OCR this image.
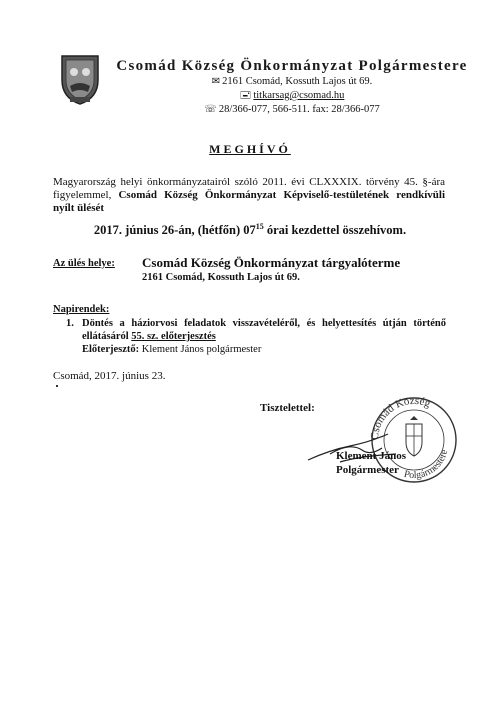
Csomád Község Önkormányzat Polgármestere
✉ 2161 Csomád, Kossuth Lajos út 69.
🖃 titkarsag@csomad.hu
☏ 28/366-077, 566-511. fax: 28/366-077
MEGHÍVÓ
Magyarország helyi önkormányzatairól szóló 2011. évi CLXXXIX. törvény 45. §-ára figyelemmel, Csomád Község Önkormányzat Képviselő-testületének rendkívüli nyílt ülését
2017. június 26-án, (hétfőn) $07^{15}$ órai kezdettel összehívom.
Az ülés helye: Csomád Község Önkormányzat tárgyalóterme
2161 Csomád, Kossuth Lajos út 69.
Napirendek:
1. Döntés a háziorvosi feladatok visszavételéről, és helyettesítés útján történő ellátásáról 55. sz. előterjesztés
Előterjesztő: Klement János polgármester
Csomád, 2017. június 23.
Tisztelettel:
Csomád Község
Polgármestere
Klement János
Polgármester
